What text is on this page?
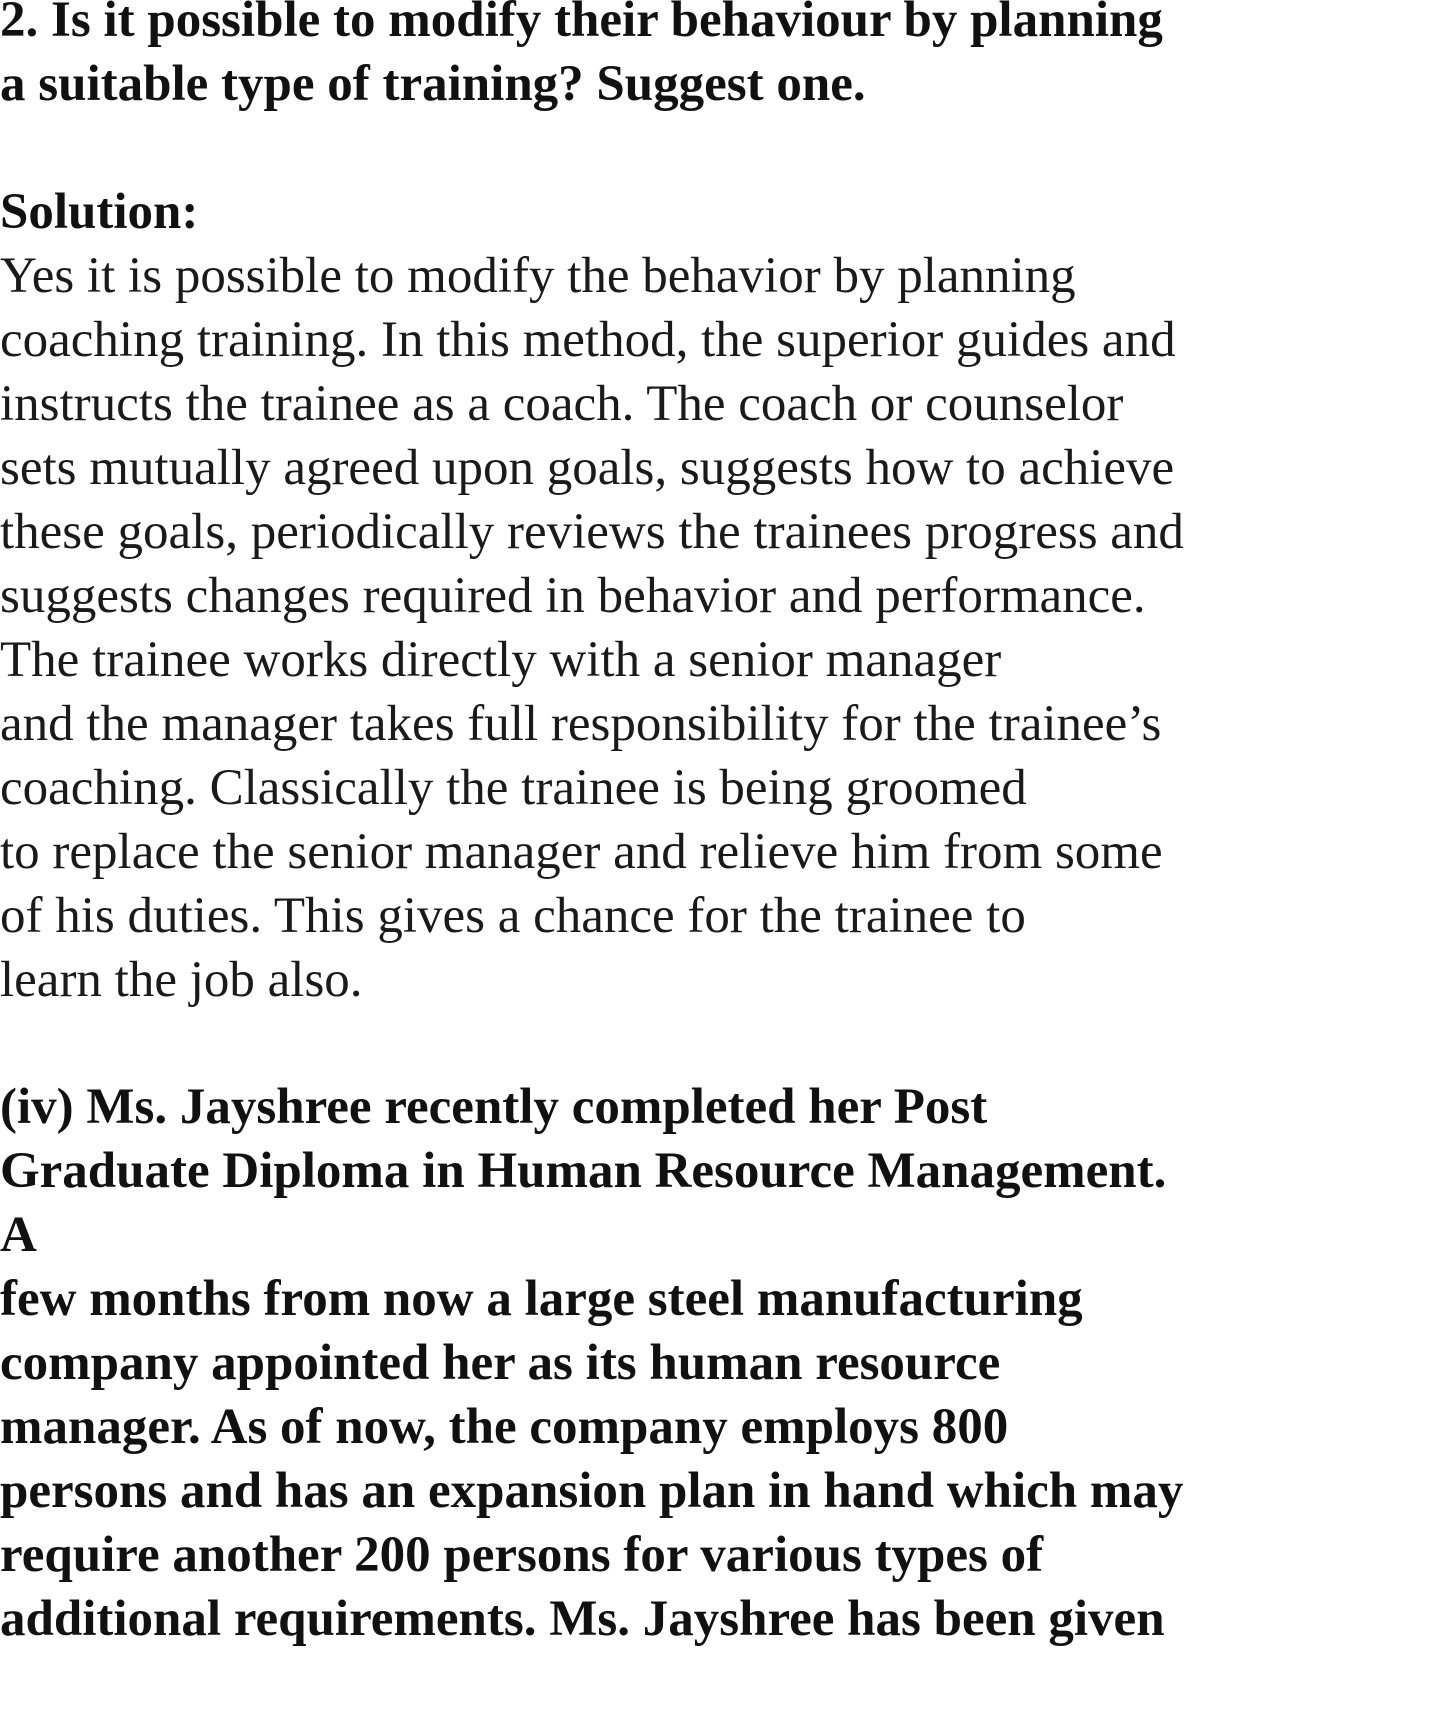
2. Is it possible to modify their behaviour by planning
a suitable type of training? Suggest one.
Solution:
Yes it is possible to modify the behavior by planning
coaching training. In this method, the superior guides and
instructs the trainee as a coach. The coach or counselor
sets mutually agreed upon goals, suggests how to achieve
these goals, periodically reviews the trainees progress and
suggests changes required in behavior and performance.
The trainee works directly with a senior manager
and the manager takes full responsibility for the trainee’s
coaching. Classically the trainee is being groomed
to replace the senior manager and relieve him from some
of his duties. This gives a chance for the trainee to
learn the job also.
(iv) Ms. Jayshree recently completed her Post
Graduate Diploma in Human Resource Management.
A
few months from now a large steel manufacturing
company appointed her as its human resource
manager. As of now, the company employs 800
persons and has an expansion plan in hand which may
require another 200 persons for various types of
additional requirements. Ms. Jayshree has been given
